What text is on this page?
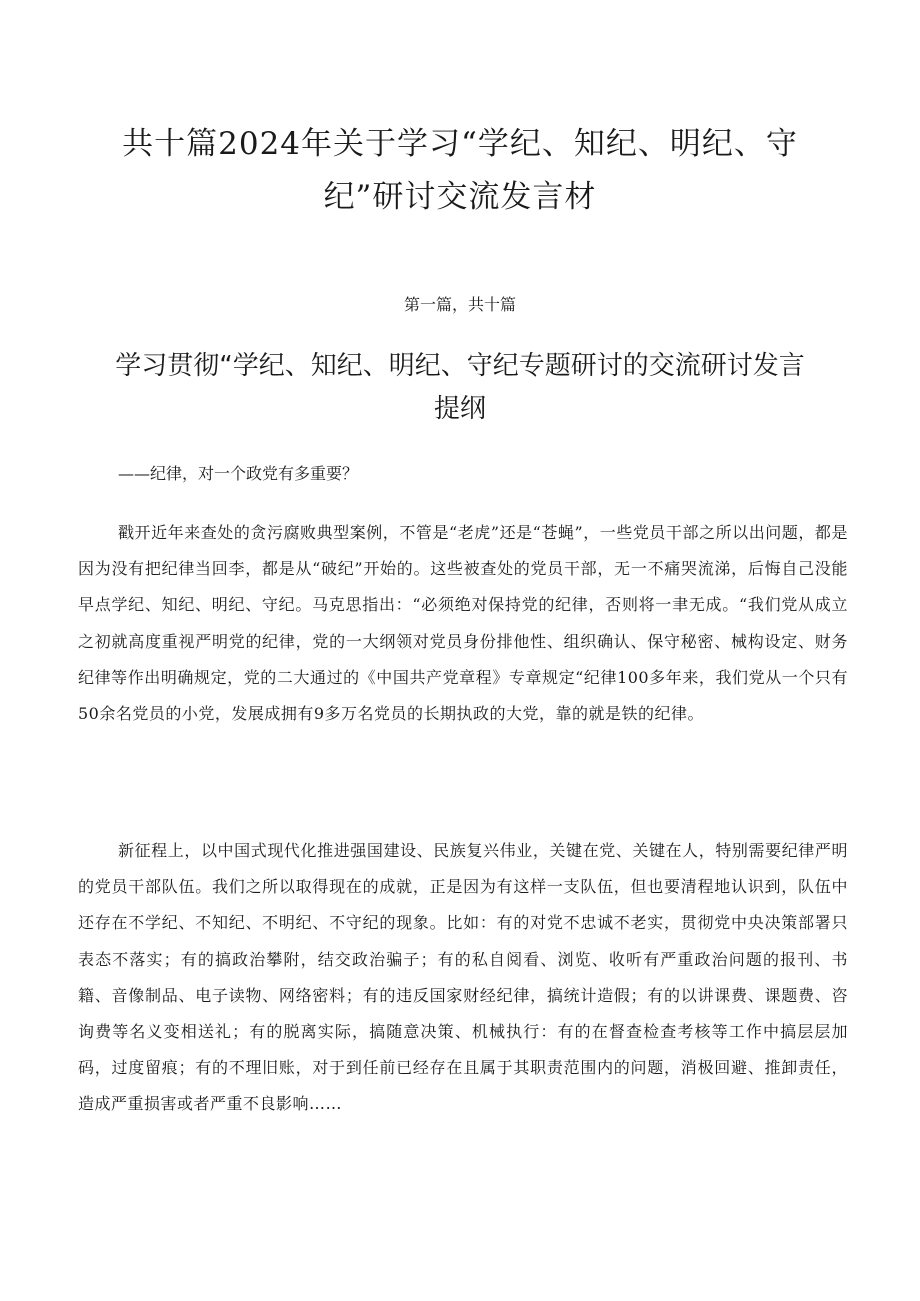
共十篇2024年关于学习“学纪、知纪、明纪、守纪”研讨交流发言材

第一篇，共十篇

学习贯彻“学纪、知纪、明纪、守纪专题研讨的交流研讨发言提纲

——纪律，对一个政党有多重要？

戳开近年来查处的贪污腐败典型案例，不管是“老虎”还是“苍蝇”，一些党员干部之所以出问题，都是因为没有把纪律当回李，都是从“破纪”开始的。这些被查处的党员干部，无一不痛哭流涕，后悔自己没能早点学纪、知纪、明纪、守纪。马克思指出：“必须绝对保持党的纪律，否则将一聿无成。“我们党从成立之初就高度重视严明党的纪律，党的一大纲领对党员身份排他性、组织确认、保守秘密、械构设定、财务纪律等作出明确规定，党的二大通过的《中国共产党章程》专章规定“纪律100多年来，我们党从一个只有50余名党员的小党，发展成拥有9多万名党员的长期执政的大党，靠的就是铁的纪律。

新征程上，以中国式现代化推进强国建设、民族复兴伟业，关键在党、关键在人，特别需要纪律严明的党员干部队伍。我们之所以取得现在的成就，正是因为有这样一支队伍，但也要清程地认识到，队伍中还存在不学纪、不知纪、不明纪、不守纪的现象。比如：有的对党不忠诚不老实，贯彻党中央决策部署只表态不落实；有的搞政治攀附，结交政治骗子；有的私自阅看、浏览、收听有严重政治问题的报刊、书籍、音像制品、电子读物、网络密料；有的违反国家财经纪律，搞统计造假；有的以讲课费、课题费、咨询费等名义变相送礼；有的脱离实际，搞随意决策、机械执行：有的在督查检查考核等工作中搞层层加码，过度留痕；有的不理旧账，对于到任前已经存在且属于其职责范围内的问题，消极回避、推卸责任，造成严重损害或者严重不良影响……
